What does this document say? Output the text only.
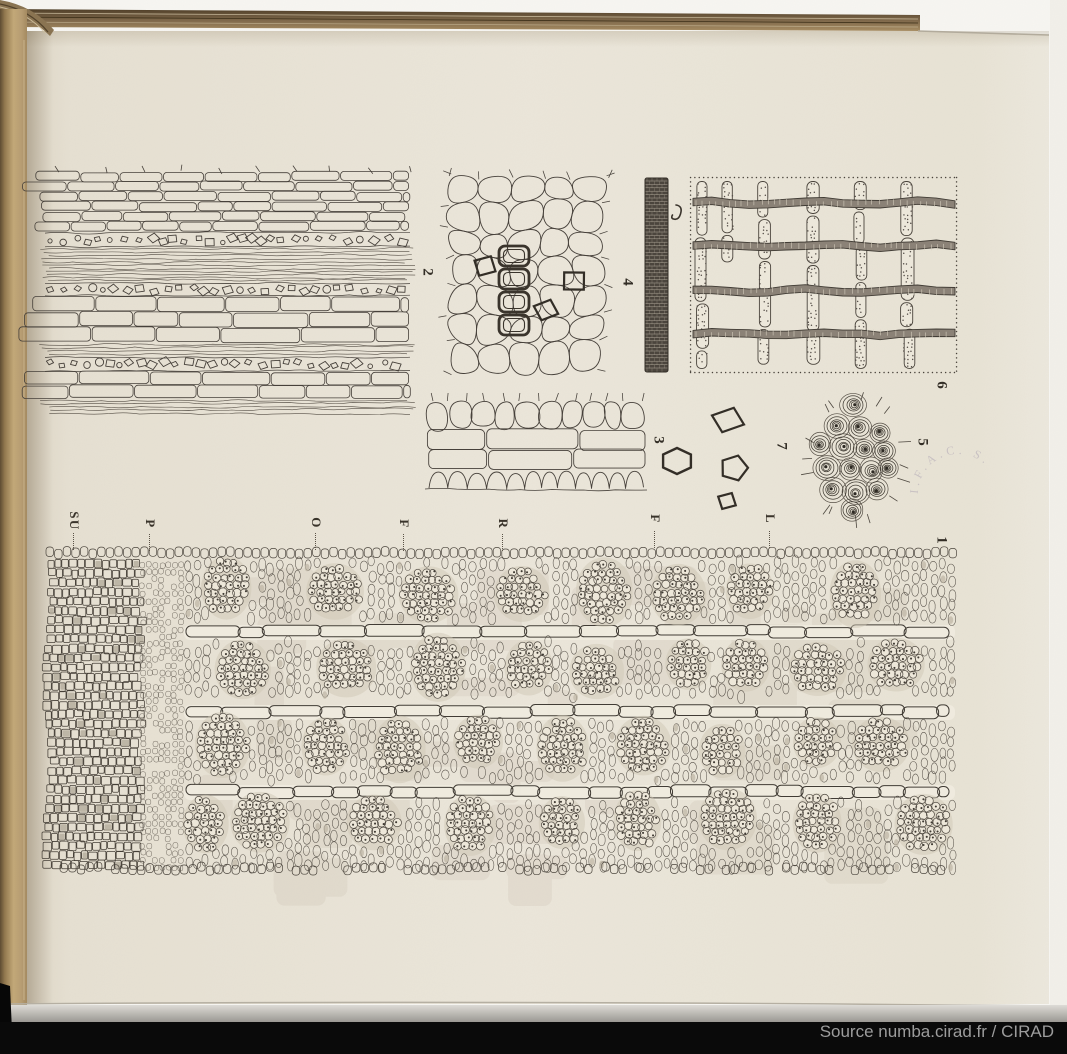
I.F.A.C. S.
SU	P	O	F	R	F	L
2
4
3
7
5
6
1
Source numba.cirad.fr / CIRAD
